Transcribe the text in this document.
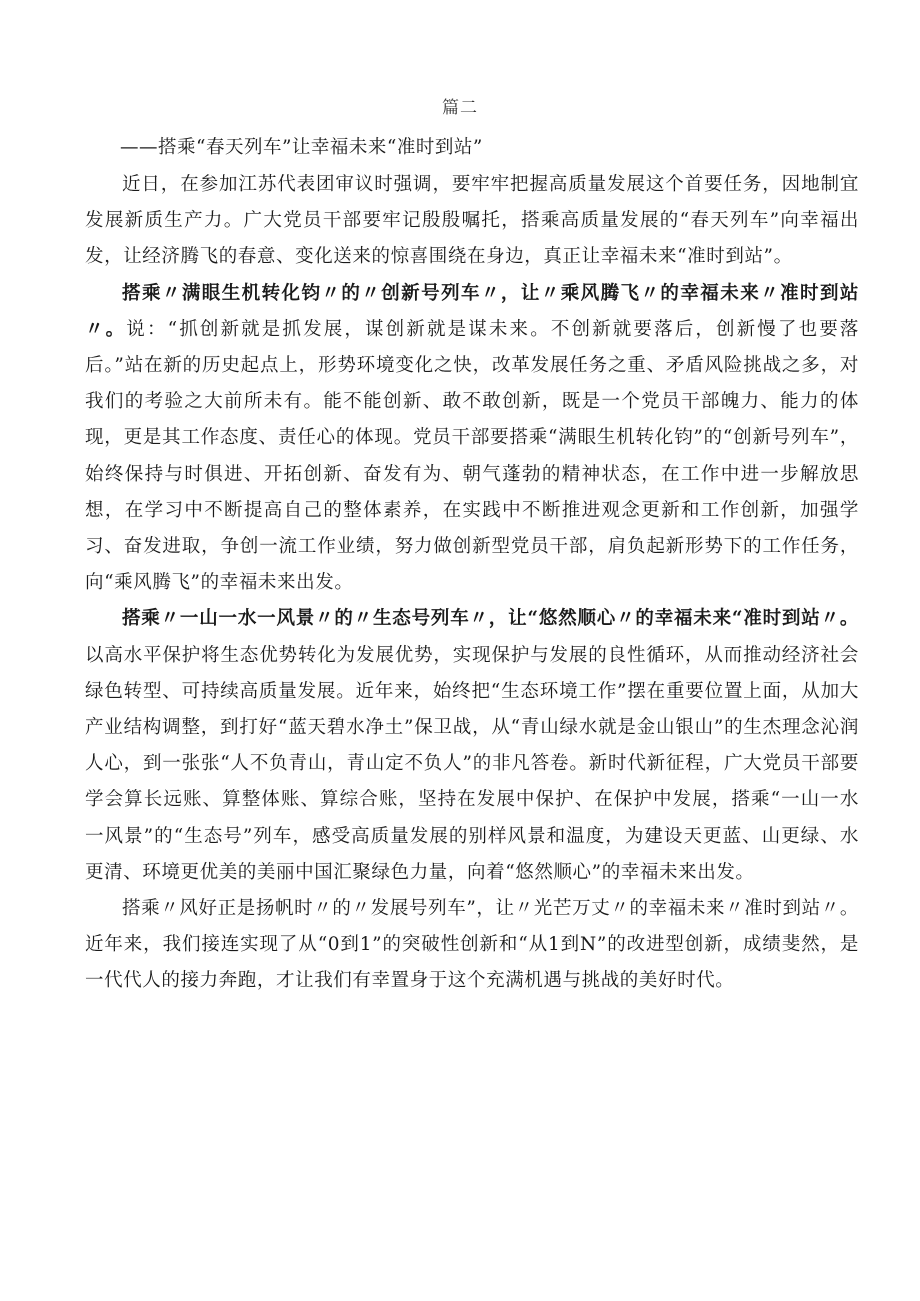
篇二
——搭乘“春天列车”让幸福未来“准时到站”

近日，在参加江苏代表团审议时强调，要牢牢把握高质量发展这个首要任务，因地制宜发展新质生产力。广大党员干部要牢记殷殷嘱托，搭乘高质量发展的“春天列车”向幸福出发，让经济腾飞的春意、变化送来的惊喜围绕在身边，真正让幸福未来“准时到站”。

搭乘〃满眼生机转化钧〃的〃创新号列车〃，让〃乘风腾飞〃的幸福未来〃准时到站〃。说：“抓创新就是抓发展，谋创新就是谋未来。不创新就要落后，创新慢了也要落后。”站在新的历史起点上，形势环境变化之快，改革发展任务之重、矛盾风险挑战之多，对我们的考验之大前所未有。能不能创新、敢不敢创新，既是一个党员干部魄力、能力的体现，更是其工作态度、责任心的体现。党员干部要搭乘“满眼生机转化钧”的“创新号列车”，始终保持与时俱进、开拓创新、奋发有为、朝气蓬勃的精神状态，在工作中进一步解放思想，在学习中不断提高自己的整体素养，在实践中不断推进观念更新和工作创新，加强学习、奋发进取，争创一流工作业绩，努力做创新型党员干部，肩负起新形势下的工作任务，向“乘风腾飞”的幸福未来出发。

搭乘〃一山一水一风景〃的〃生态号列车〃，让“悠然顺心〃的幸福未来“准时到站〃。以高水平保护将生态优势转化为发展优势，实现保护与发展的良性循环，从而推动经济社会绿色转型、可持续高质量发展。近年来，始终把“生态环境工作”摆在重要位置上面，从加大产业结构调整，到打好“蓝天碧水净土”保卫战，从“青山绿水就是金山银山”的生杰理念沁润人心，到一张张“人不负青山，青山定不负人”的非凡答卷。新时代新征程，广大党员干部要学会算长远账、算整体账、算综合账，坚持在发展中保护、在保护中发展，搭乘“一山一水一风景”的“生态号”列车，感受高质量发展的别样风景和温度，为建设天更蓝、山更绿、水更清、环境更优美的美丽中国汇聚绿色力量，向着“悠然顺心”的幸福未来出发。

搭乘〃风好正是扬帆时〃的〃发展号列车”，让〃光芒万丈〃的幸福未来〃准时到站〃。近年来，我们接连实现了从“0到1”的突破性创新和“从1到N”的改进型创新，成绩斐然，是一代代人的接力奔跑，才让我们有幸置身于这个充满机遇与挑战的美好时代。
